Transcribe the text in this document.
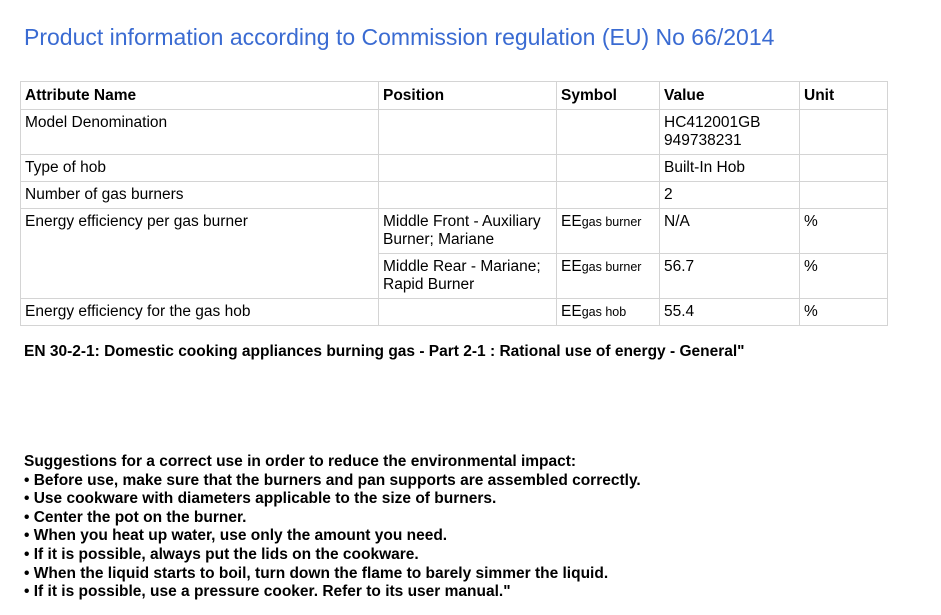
Product information according to Commission regulation (EU) No 66/2014
Attribute Name	Position	Symbol	Value	Unit
Model Denomination			HC412001GB
949738231	

Type of hob			Built-In Hob	

Number of gas burners			2	

Energy efficiency per gas burner	Middle Front - Auxiliary Burner; Mariane	EEgas burner	N/A	%
	Middle Rear - Mariane; Rapid Burner	EEgas burner	56.7	%
Energy efficiency for the gas hob		EEgas hob	55.4	%
EN 30-2-1: Domestic cooking appliances burning gas - Part 2-1 : Rational use of energy - General"
Suggestions for a correct use in order to reduce the environmental impact:
• Before use, make sure that the burners and pan supports are assembled correctly.
• Use cookware with diameters applicable to the size of burners.
• Center the pot on the burner.
• When you heat up water, use only the amount you need.
• If it is possible, always put the lids on the cookware.
• When the liquid starts to boil, turn down the flame to barely simmer the liquid.
• If it is possible, use a pressure cooker. Refer to its user manual."
